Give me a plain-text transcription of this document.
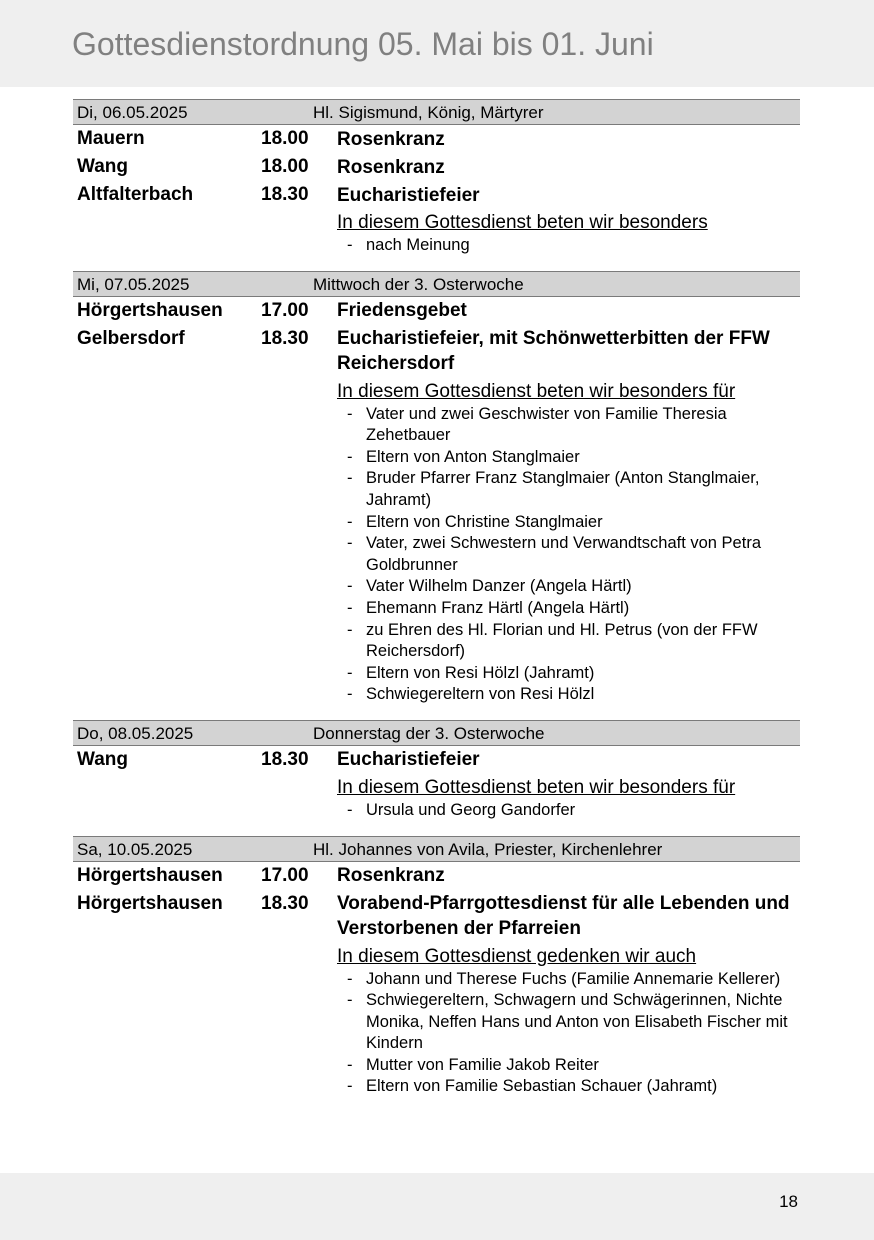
Gottesdienstordnung 05. Mai bis 01. Juni
Di, 06.05.2025	Hl. Sigismund, König, Märtyrer
Mauern	18.00 Rosenkranz
Wang	18.00 Rosenkranz
Altfalterbach	18.30 Eucharistiefeier
In diesem Gottesdienst beten wir besonders
- nach Meinung
Mi, 07.05.2025	Mittwoch der 3. Osterwoche
Hörgertshausen 17.00 Friedensgebet
Gelbersdorf	18.30 Eucharistiefeier, mit Schönwetterbitten der FFW Reichersdorf
In diesem Gottesdienst beten wir besonders für
- Vater und zwei Geschwister von Familie Theresia Zehetbauer
- Eltern von Anton Stanglmaier
- Bruder Pfarrer Franz Stanglmaier (Anton Stanglmaier, Jahramt)
- Eltern von Christine Stanglmaier
- Vater, zwei Schwestern und Verwandtschaft von Petra Goldbrunner
- Vater Wilhelm Danzer (Angela Härtl)
- Ehemann Franz Härtl (Angela Härtl)
- zu Ehren des Hl. Florian und Hl. Petrus (von der FFW Reichersdorf)
- Eltern von Resi Hölzl (Jahramt)
- Schwiegereltern von Resi Hölzl
Do, 08.05.2025	Donnerstag der 3. Osterwoche
Wang	18.30 Eucharistiefeier
In diesem Gottesdienst beten wir besonders für
- Ursula und Georg Gandorfer
Sa, 10.05.2025	Hl. Johannes von Avila, Priester, Kirchenlehrer
Hörgertshausen 17.00 Rosenkranz
Hörgertshausen 18.30 Vorabend-Pfarrgottesdienst für alle Lebenden und Verstorbenen der Pfarreien
In diesem Gottesdienst gedenken wir auch
- Johann und Therese Fuchs (Familie Annemarie Kellerer)
- Schwiegereltern, Schwagern und Schwägerinnen, Nichte Monika, Neffen Hans und Anton von Elisabeth Fischer mit Kindern
- Mutter von Familie Jakob Reiter
- Eltern von Familie Sebastian Schauer (Jahramt)
18
